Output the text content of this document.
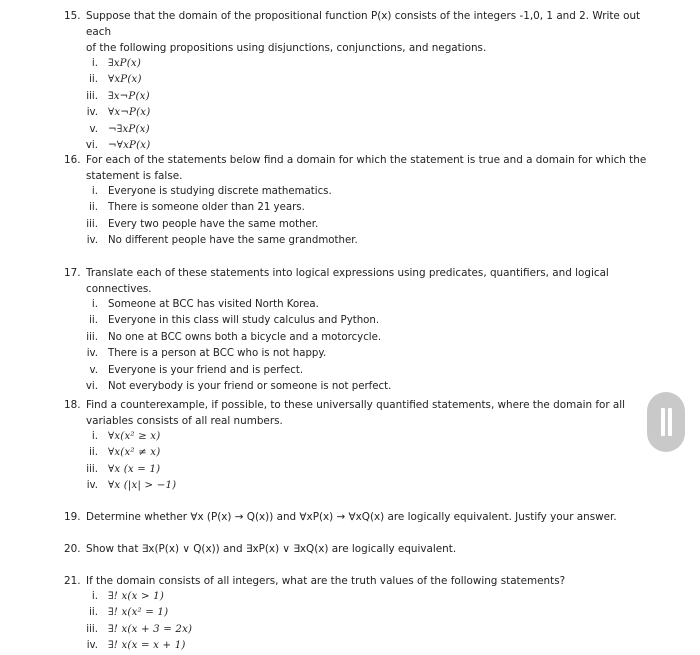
15. Suppose that the domain of the propositional function P(x) consists of the integers -1,0, 1 and 2. Write out each
of the following propositions using disjunctions, conjunctions, and negations.
i. ∃xP(x)
ii. ∀xP(x)
iii. ∃x¬P(x)
iv. ∀x¬P(x)
v. ¬∃xP(x)
vi. ¬∀xP(x)
16. For each of the statements below find a domain for which the statement is true and a domain for which the
statement is false.
i. Everyone is studying discrete mathematics.
ii. There is someone older than 21 years.
iii. Every two people have the same mother.
iv. No different people have the same grandmother.
17. Translate each of these statements into logical expressions using predicates, quantifiers, and logical connectives.
i. Someone at BCC has visited North Korea.
ii. Everyone in this class will study calculus and Python.
iii. No one at BCC owns both a bicycle and a motorcycle.
iv. There is a person at BCC who is not happy.
v. Everyone is your friend and is perfect.
vi. Not everybody is your friend or someone is not perfect.
18. Find a counterexample, if possible, to these universally quantified statements, where the domain for all
variables consists of all real numbers.
i. ∀x(x² ≥ x)
ii. ∀x(x² ≠ x)
iii. ∀x (x = 1)
iv. ∀x (|x| > −1)
19. Determine whether ∀x (P(x) → Q(x)) and ∀xP(x) → ∀xQ(x) are logically equivalent. Justify your answer.
20. Show that ∃x(P(x) ∨ Q(x)) and ∃xP(x) ∨ ∃xQ(x) are logically equivalent.
21. If the domain consists of all integers, what are the truth values of the following statements?
i. ∃! x(x > 1)
ii. ∃! x(x² = 1)
iii. ∃! x(x + 3 = 2x)
iv. ∃! x(x = x + 1)
